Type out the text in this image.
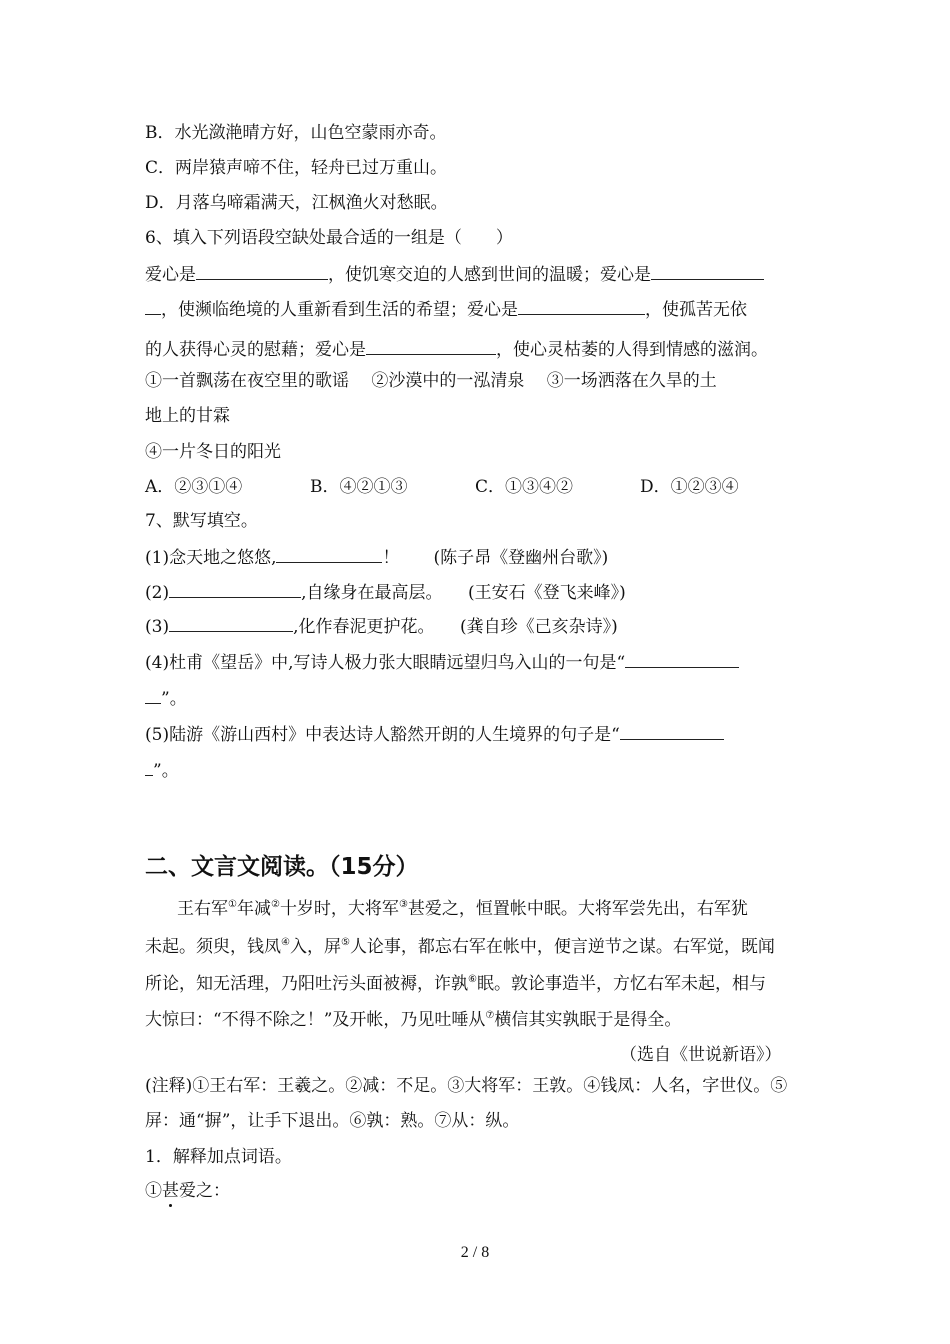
B．水光潋滟晴方好，山色空蒙雨亦奇。
C．两岸猿声啼不住，轻舟已过万重山。
D．月落乌啼霜满天，江枫渔火对愁眠。
6、填入下列语段空缺处最合适的一组是（　　）
爱心是	，使饥寒交迫的人感到世间的温暖；爱心是
，使濒临绝境的人重新看到生活的希望；爱心是	，使孤苦无依
的人获得心灵的慰藉；爱心是	，使心灵枯萎的人得到情感的滋润。
①一首飘荡在夜空里的歌谣　 ②沙漠中的一泓清泉　 ③一场洒落在久旱的土
地上的甘霖
④一片冬日的阳光
A．②③①④	B．④②①③	C．①③④②	D．①②③④
7、默写填空。
(1)念天地之悠悠,	！　　(陈子昂《登幽州台歌》)
(2)	,自缘身在最高层。　　(王安石《登飞来峰》)
(3)	,化作春泥更护花。　　(龚自珍《己亥杂诗》)
(4)杜甫《望岳》中,写诗人极力张大眼睛远望归鸟入山的一句是“
”。
(5)陆游《游山西村》中表达诗人豁然开朗的人生境界的句子是“
”。
二、文言文阅读。（15分）
王右军①年减②十岁时，大将军③甚爱之，恒置帐中眠。大将军尝先出，右军犹
未起。须臾，钱凤④入，屏⑤人论事，都忘右军在帐中，便言逆节之谋。右军觉，既闻
所论，知无活理，乃阳吐污头面被褥，诈孰⑥眠。敦论事造半，方忆右军未起，相与
大惊曰：“不得不除之！”及开帐，乃见吐唾从⑦横信其实孰眠于是得全。
（选自《世说新语》）
(注释)①王右军：王羲之。②减：不足。③大将军：王敦。④钱凤：人名，字世仪。⑤
屏：通“摒”，让手下退出。⑥孰：熟。⑦从：纵。
1．解释加点词语。
①甚爱之：
2 / 8
